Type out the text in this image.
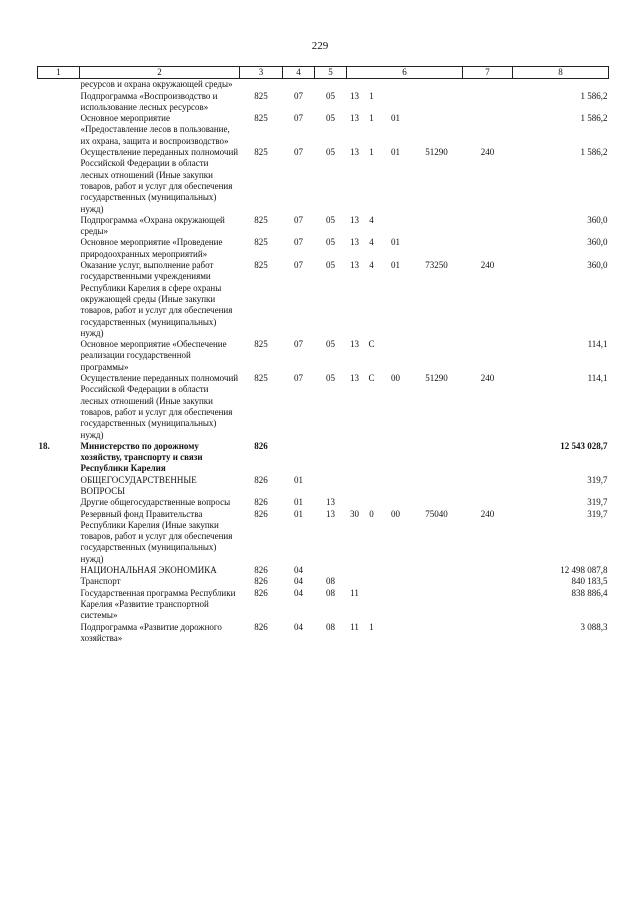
229
1	2	3	4	5	6				7	8
	ресурсов и охрана окружающей среды»									
	Подпрограмма «Воспроизводство и использование лесных ресурсов»	825	07	05	13	1				1 586,2
	Основное мероприятие «Предоставление лесов в пользование, их охрана, защита и воспроизводство»	825	07	05	13	1	01			1 586,2
	Осуществление переданных полномочий Российской Федерации в области лесных отношений (Иные закупки товаров, работ и услуг для обеспечения государственных (муниципальных) нужд)	825	07	05	13	1	01	51290	240	1 586,2
	Подпрограмма «Охрана окружающей среды»	825	07	05	13	4				360,0
	Основное мероприятие «Проведение природоохранных мероприятий»	825	07	05	13	4	01			360,0
	Оказание услуг, выполнение работ государственными учреждениями Республики Карелия в сфере охраны окружающей среды (Иные закупки товаров, работ и услуг для обеспечения государственных (муниципальных) нужд)	825	07	05	13	4	01	73250	240	360,0
	Основное мероприятие «Обеспечение реализации государственной программы»	825	07	05	13	С				114,1
	Осуществление переданных полномочий Российской Федерации в области лесных отношений (Иные закупки товаров, работ и услуг для обеспечения государственных (муниципальных) нужд)	825	07	05	13	С	00	51290	240	114,1
18.	Министерство по дорожному хозяйству, транспорту и связи Республики Карелия	826								12 543 028,7
	ОБЩЕГОСУДАРСТВЕННЫЕ ВОПРОСЫ	826	01							319,7
	Другие общегосударственные вопросы	826	01	13						319,7
	Резервный фонд Правительства Республики Карелия (Иные закупки товаров, работ и услуг для обеспечения государственных (муниципальных) нужд)	826	01	13	30	0	00	75040	240	319,7
	НАЦИОНАЛЬНАЯ ЭКОНОМИКА	826	04							12 498 087,8
	Транспорт	826	04	08						840 183,5
	Государственная программа Республики Карелия «Развитие транспортной системы»	826	04	08	11					838 886,4
	Подпрограмма «Развитие дорожного хозяйства»	826	04	08	11	1				3 088,3
